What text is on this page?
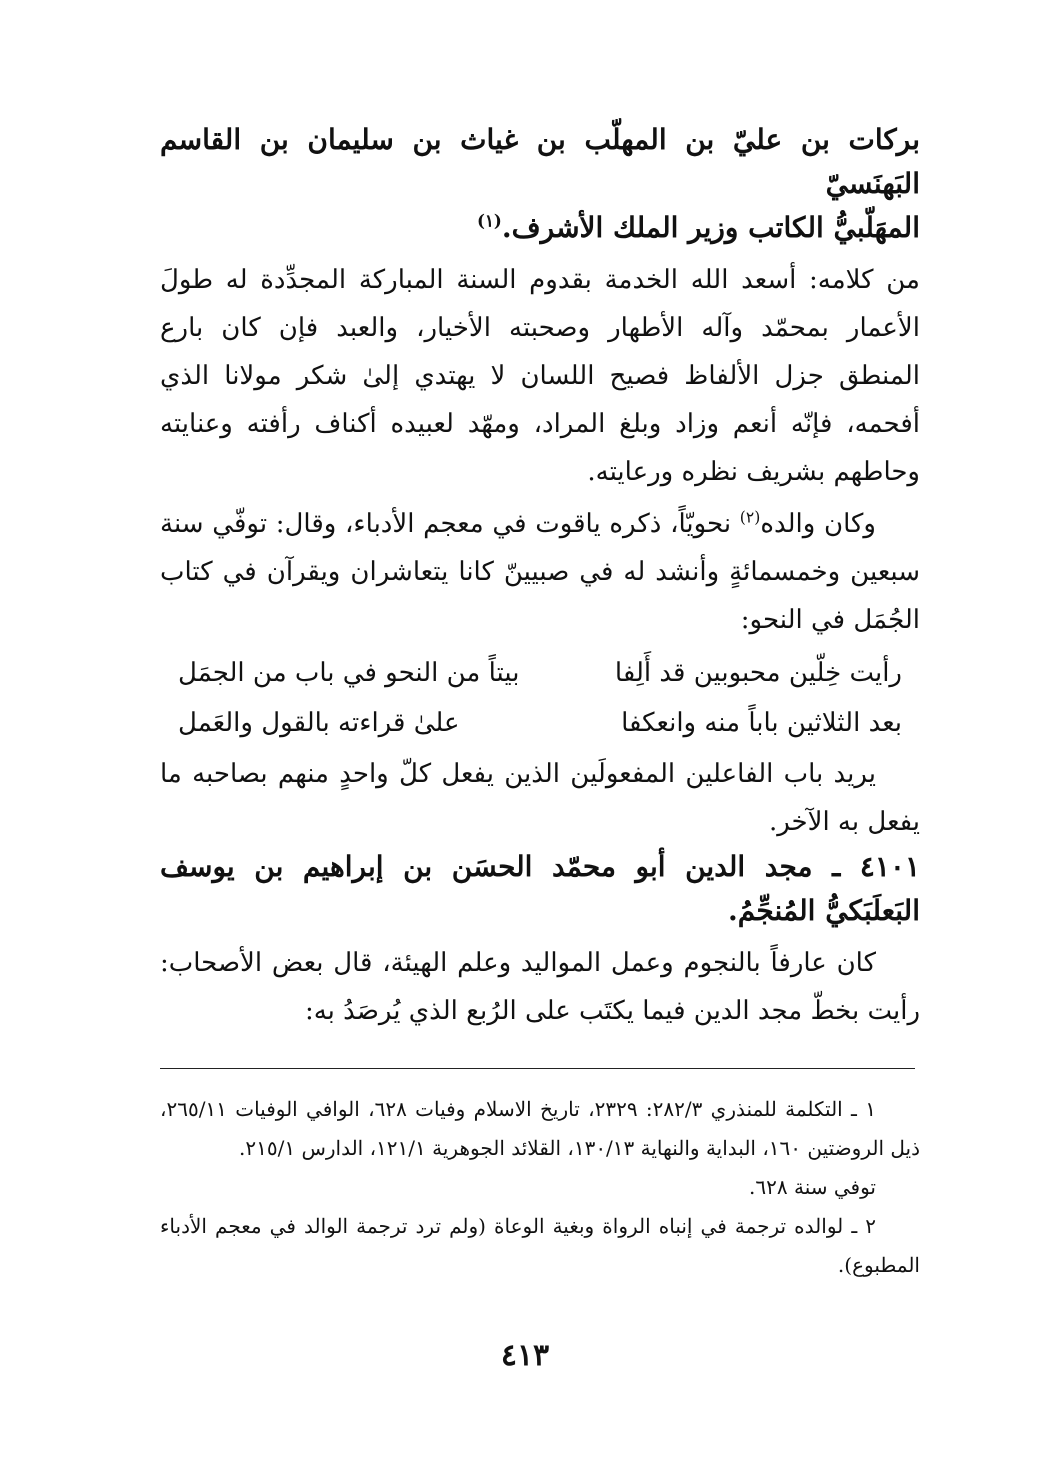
بركات بن عليّ بن المهلّب بن غياث بن سليمان بن القاسم البَهنَسيّ
المهَلّبيُّ الكاتب وزير الملك الأشرف.$^{(١)}$

من كلامه: أسعد الله الخدمة بقدوم السنة المباركة المجدِّدة له طولَ الأعمار بمحمّد وآله الأطهار وصحبته الأخيار، والعبد فإن كان بارع المنطق جزل الألفاظ فصيح اللسان لا يهتدي إلىٰ شكر مولانا الذي أفحمه، فإنّه أنعم وزاد وبلغ المراد، ومهّد لعبيده أكناف رأفته وعنايته وحاطهم بشريف نظره ورعايته.

وكان والده$^{(٢)}$ نحويّاً، ذكره ياقوت في معجم الأدباء، وقال: توفّي سنة سبعين وخمسمائةٍ وأنشد له في صبيينّ كانا يتعاشران ويقرآن في كتاب الجُمَل في النحو:

رأيت خِلّين محبوبين قد أَلِفا
بيتاً من النحو في باب من الجمَل
بعد الثلاثين باباً منه وانعكفا
علىٰ قراءته بالقول والعَمل

يريد باب الفاعلين المفعولَين الذين يفعل كلّ واحدٍ منهم بصاحبه ما يفعل به الآخر.

٤١٠١ ـ مجد الدين أبو محمّد الحسَن بن إبراهيم بن يوسف البَعلَبَكيُّ المُنجِّمُ.

كان عارفاً بالنجوم وعمل المواليد وعلم الهيئة، قال بعض الأصحاب: رأيت بخطّ مجد الدين فيما يكتَب على الرُبع الذي يُرصَدُ به:

١ ـ التكلمة للمنذري ٢٨٢/٣: ٢٣٢٩، تاريخ الاسلام وفيات ٦٢٨، الوافي الوفيات ٢٦٥/١١، ذيل الروضتين ١٦٠، البداية والنهاية ١٣٠/١٣، القلائد الجوهرية ١٢١/١، الدارس ٢١٥/١.

توفي سنة ٦٢٨.

٢ ـ لوالده ترجمة في إنباه الرواة وبغية الوعاة (ولم ترد ترجمة الوالد في معجم الأدباء المطبوع).

٤١٣
